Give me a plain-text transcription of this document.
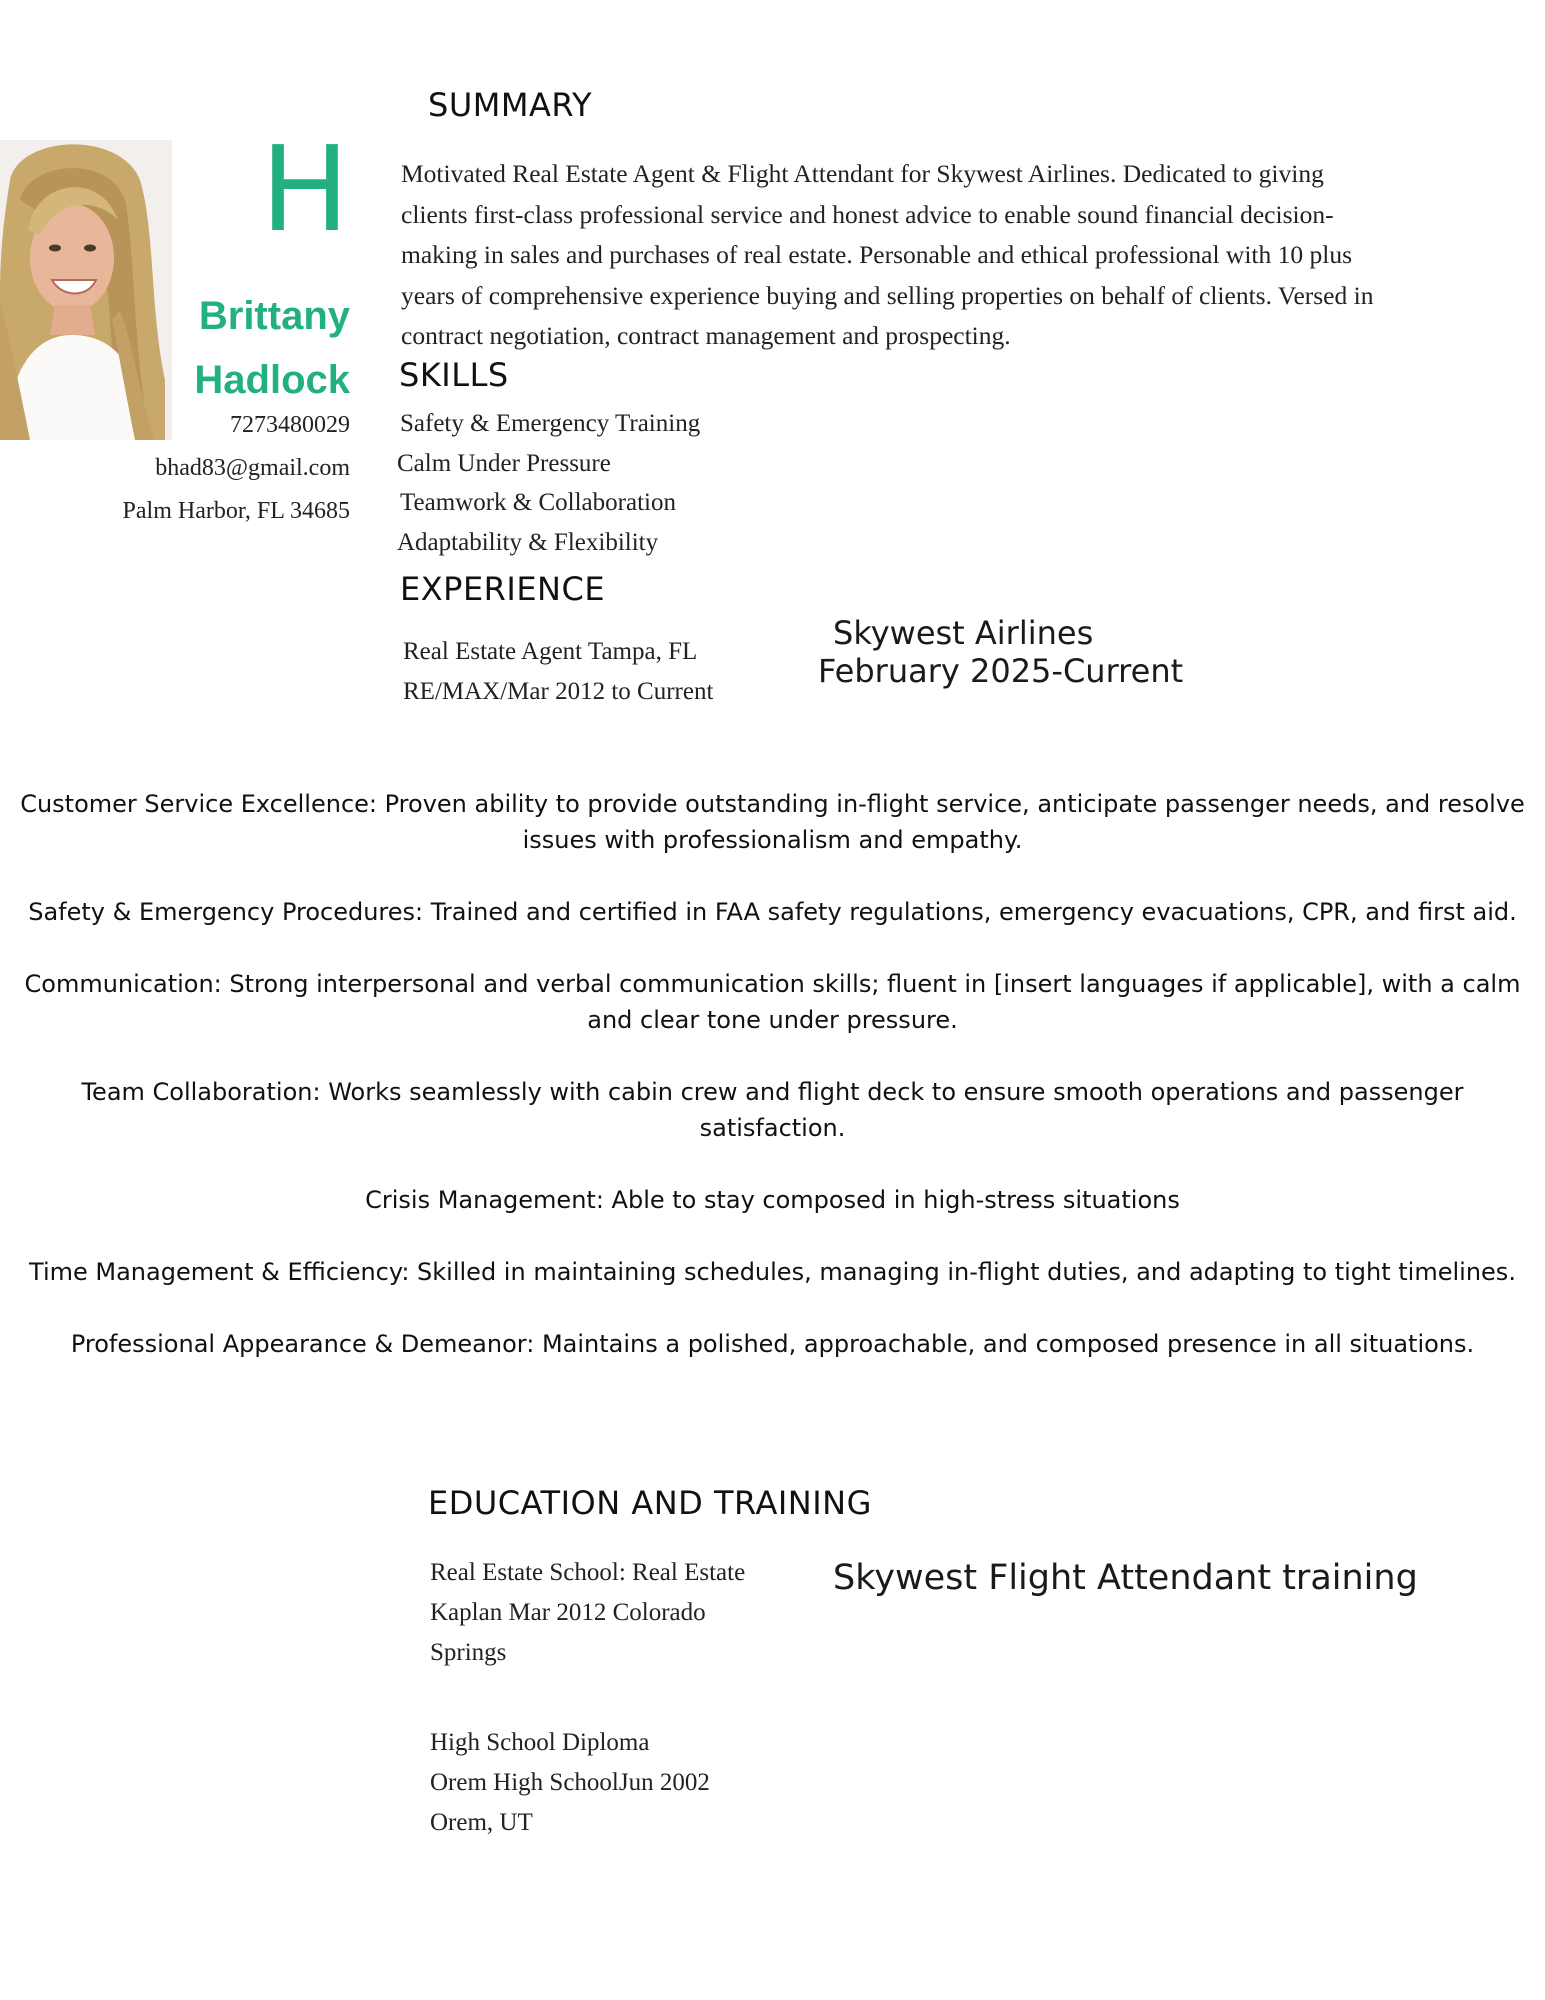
H
Brittany
Hadlock
7273480029
bhad83@gmail.com
Palm Harbor, FL 34685
SUMMARY
Motivated Real Estate Agent & Flight Attendant for Skywest Airlines. Dedicated to giving
clients first-class professional service and honest advice to enable sound financial decision-
making in sales and purchases of real estate. Personable and ethical professional with 10 plus
years of comprehensive experience buying and selling properties on behalf of clients. Versed in
contract negotiation, contract management and prospecting.
SKILLS
Safety & Emergency Training
Calm Under Pressure
Teamwork & Collaboration
Adaptability & Flexibility
EXPERIENCE
Real Estate Agent Tampa, FL
RE/MAX/Mar 2012 to Current
Skywest Airlines
February 2025-Current
Customer Service Excellence: Proven ability to provide outstanding in-flight service, anticipate passenger needs, and resolve issues with professionalism and empathy.
Safety & Emergency Procedures: Trained and certified in FAA safety regulations, emergency evacuations, CPR, and first aid.
Communication: Strong interpersonal and verbal communication skills; fluent in [insert languages if applicable], with a calm and clear tone under pressure.
Team Collaboration: Works seamlessly with cabin crew and flight deck to ensure smooth operations and passenger satisfaction.
Crisis Management: Able to stay composed in high-stress situations
Time Management & Efficiency: Skilled in maintaining schedules, managing in-flight duties, and adapting to tight timelines.
Professional Appearance & Demeanor: Maintains a polished, approachable, and composed presence in all situations.
EDUCATION AND TRAINING
Real Estate School: Real Estate
Kaplan Mar 2012 Colorado
Springs
High School Diploma
Orem High SchoolJun 2002
Orem, UT
Skywest Flight Attendant training
